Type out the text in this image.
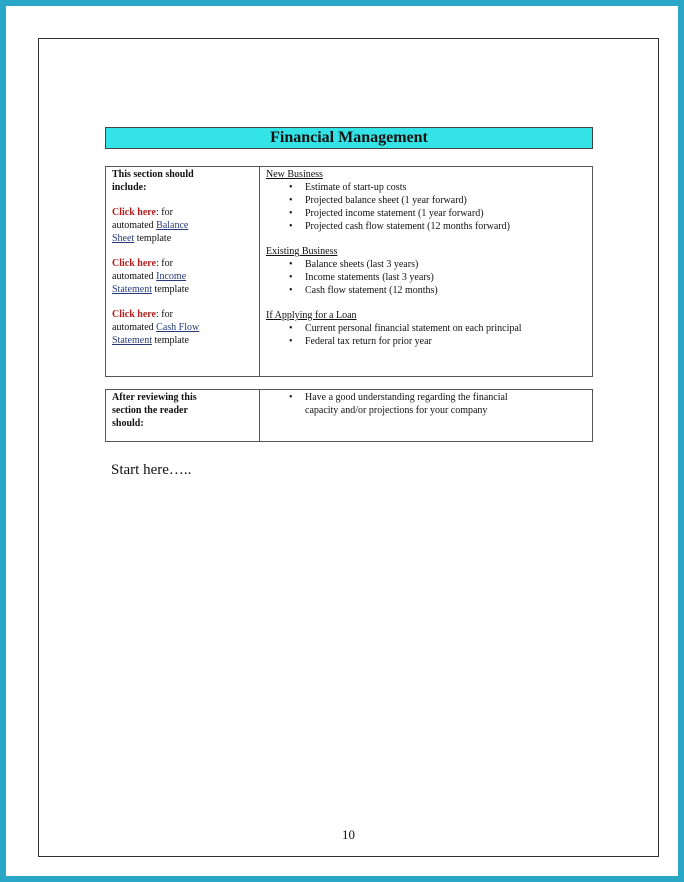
Financial Management
This section should
include:
Click here: for
automated Balance
Sheet template
Click here: for
automated Income
Statement template
Click here: for
automated Cash Flow
Statement template
New Business
• Estimate of start-up costs
• Projected balance sheet (1 year forward)
• Projected income statement (1 year forward)
• Projected cash flow statement (12 months forward)
Existing Business
• Balance sheets (last 3 years)
• Income statements (last 3 years)
• Cash flow statement (12 months)
If Applying for a Loan
• Current personal financial statement on each principal
• Federal tax return for prior year
After reviewing this
section the reader
should:
• Have a good understanding regarding the financial
capacity and/or projections for your company
Start here…..
10
